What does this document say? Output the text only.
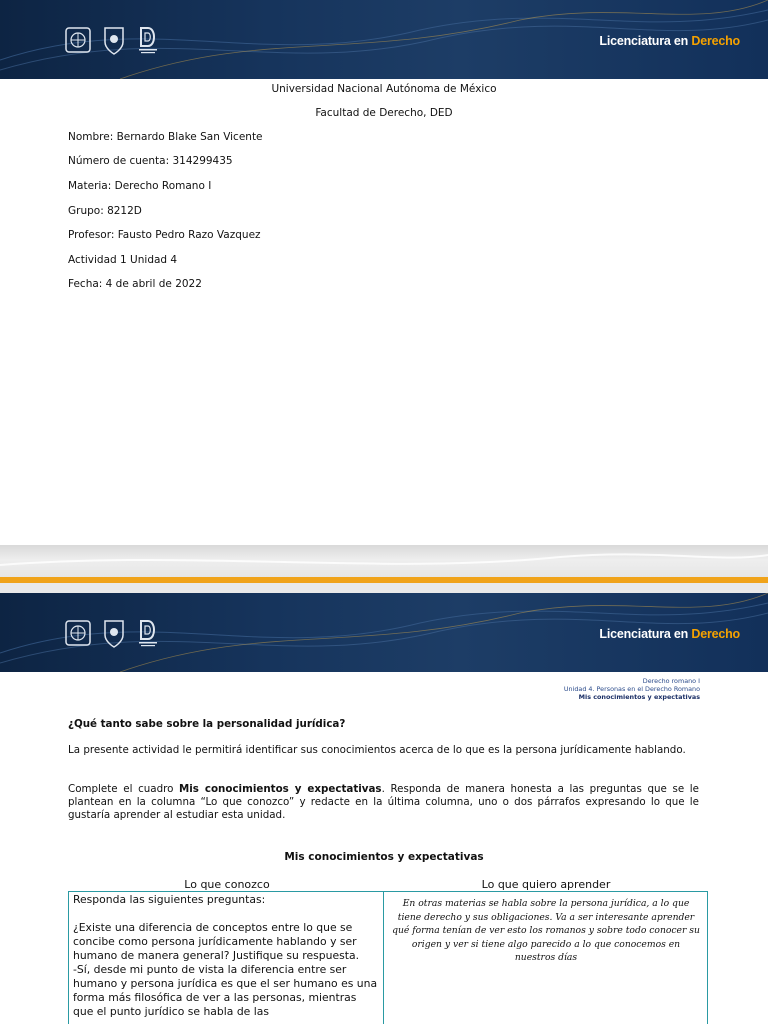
Licenciatura en Derecho
Universidad Nacional Autónoma de México
Facultad de Derecho, DED
Nombre: Bernardo Blake San Vicente
Número de cuenta: 314299435
Materia: Derecho Romano I
Grupo: 8212D
Profesor: Fausto Pedro Razo Vazquez
Actividad 1 Unidad 4
Fecha: 4 de abril de 2022
Licenciatura en Derecho
Derecho romano I
Unidad 4. Personas en el Derecho Romano
Mis conocimientos y expectativas
¿Qué tanto sabe sobre la personalidad jurídica?
La presente actividad le permitirá identificar sus conocimientos acerca de lo que es la persona jurídicamente hablando.
Complete el cuadro Mis conocimientos y expectativas. Responda de manera honesta a las preguntas que se le plantean en la columna “Lo que conozco” y redacte en la última columna, uno o dos párrafos expresando lo que le gustaría aprender al estudiar esta unidad.
Mis conocimientos y expectativas
Lo que conozco	Lo que quiero aprender
Responda las siguientes preguntas:
¿Existe una diferencia de conceptos entre lo que se concibe como persona jurídicamente hablando y ser humano de manera general? Justifique su respuesta.
-Sí, desde mi punto de vista la diferencia entre ser humano y persona jurídica es que el ser humano es una forma más filosófica de ver a las personas, mientras que el punto jurídico se habla de las
En otras materias se habla sobre la persona jurídica, a lo que tiene derecho y sus obligaciones. Va a ser interesante aprender qué forma tenían de ver esto los romanos y sobre todo conocer su origen y ver si tiene algo parecido a lo que conocemos en nuestros días
